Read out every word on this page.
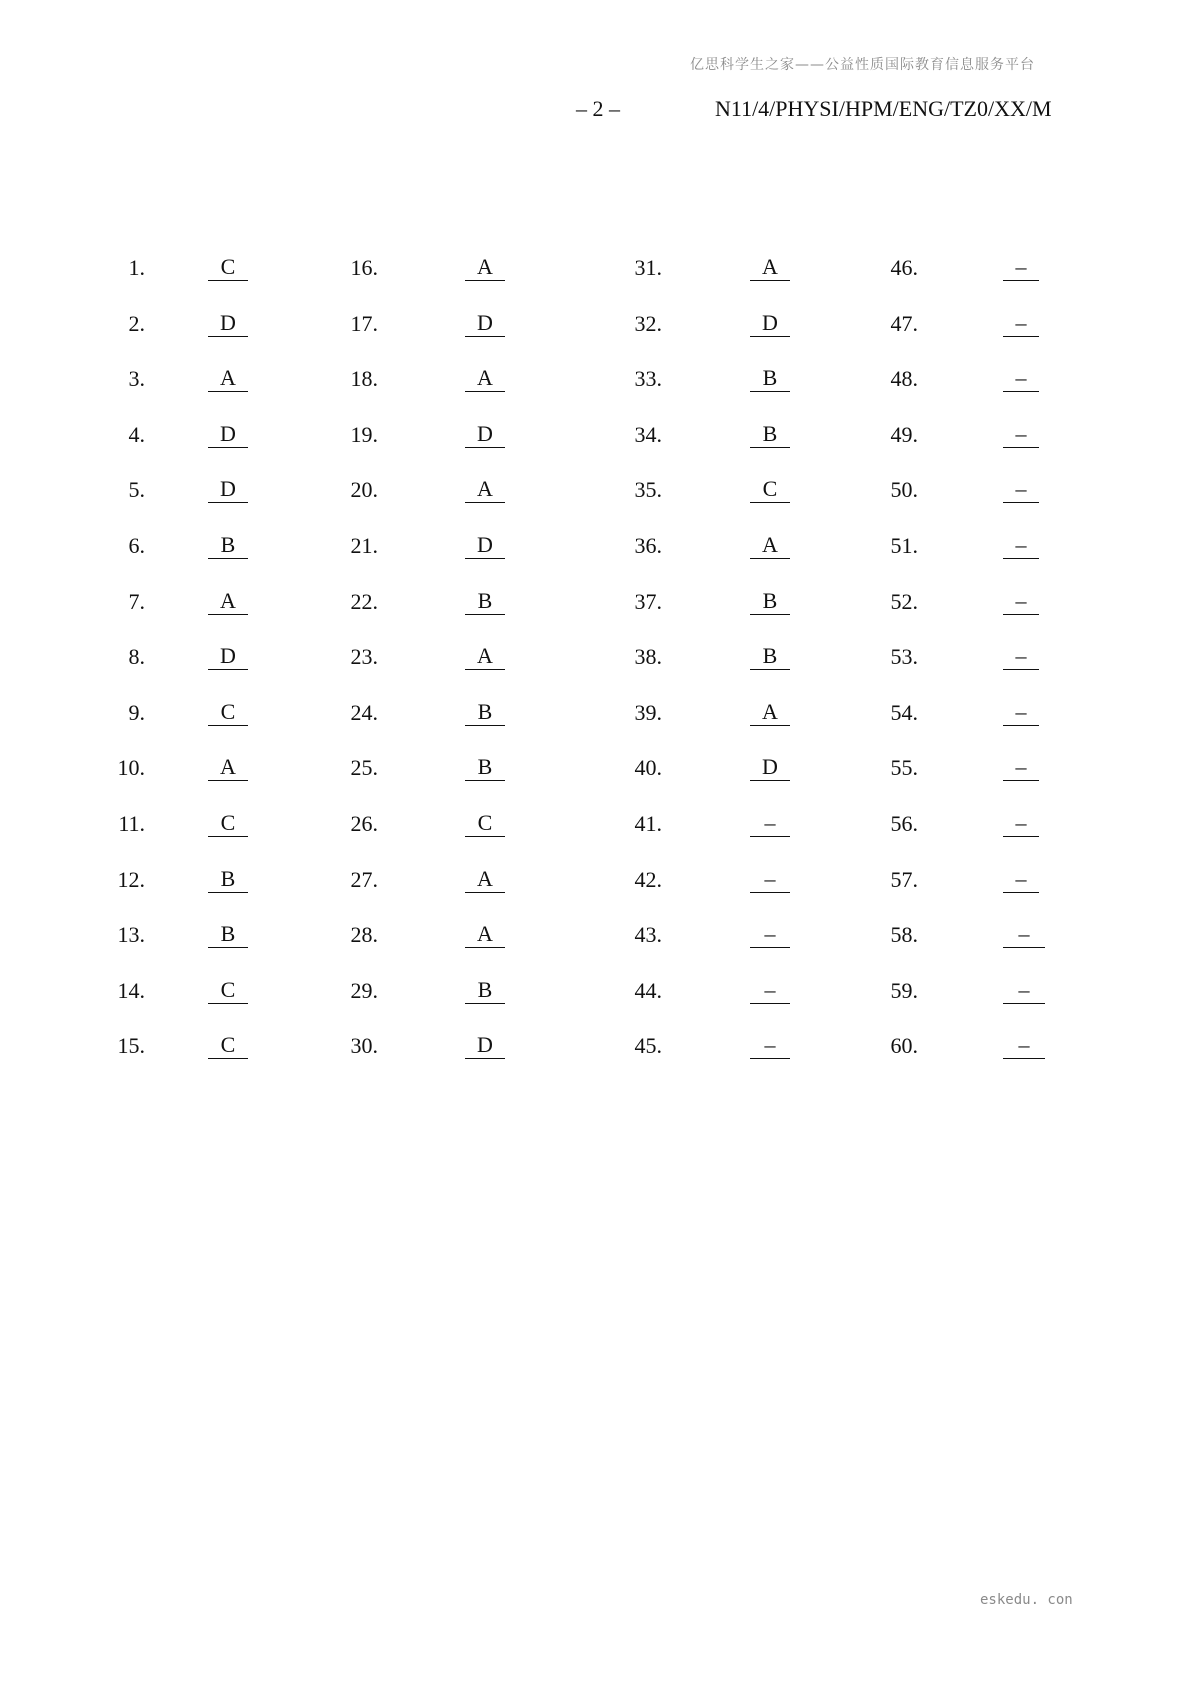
亿思科学生之家——公益性质国际教育信息服务平台
– 2 –	N11/4/PHYSI/HPM/ENG/TZ0/XX/M
1.	C
2.	D
3.	A
4.	D
5.	D
6.	B
7.	A
8.	D
9.	C
10.	A
11.	C
12.	B
13.	B
14.	C
15.	C
16.	A
17.	D
18.	A
19.	D
20.	A
21.	D
22.	B
23.	A
24.	B
25.	B
26.	C
27.	A
28.	A
29.	B
30.	D
31.	A
32.	D
33.	B
34.	B
35.	C
36.	A
37.	B
38.	B
39.	A
40.	D
41.	–
42.	–
43.	–
44.	–
45.	–
46.	–
47.	–
48.	–
49.	–
50.	–
51.	–
52.	–
53.	–
54.	–
55.	–
56.	–
57.	–
58.	–
59.	–
60.	–
eskedu. con
